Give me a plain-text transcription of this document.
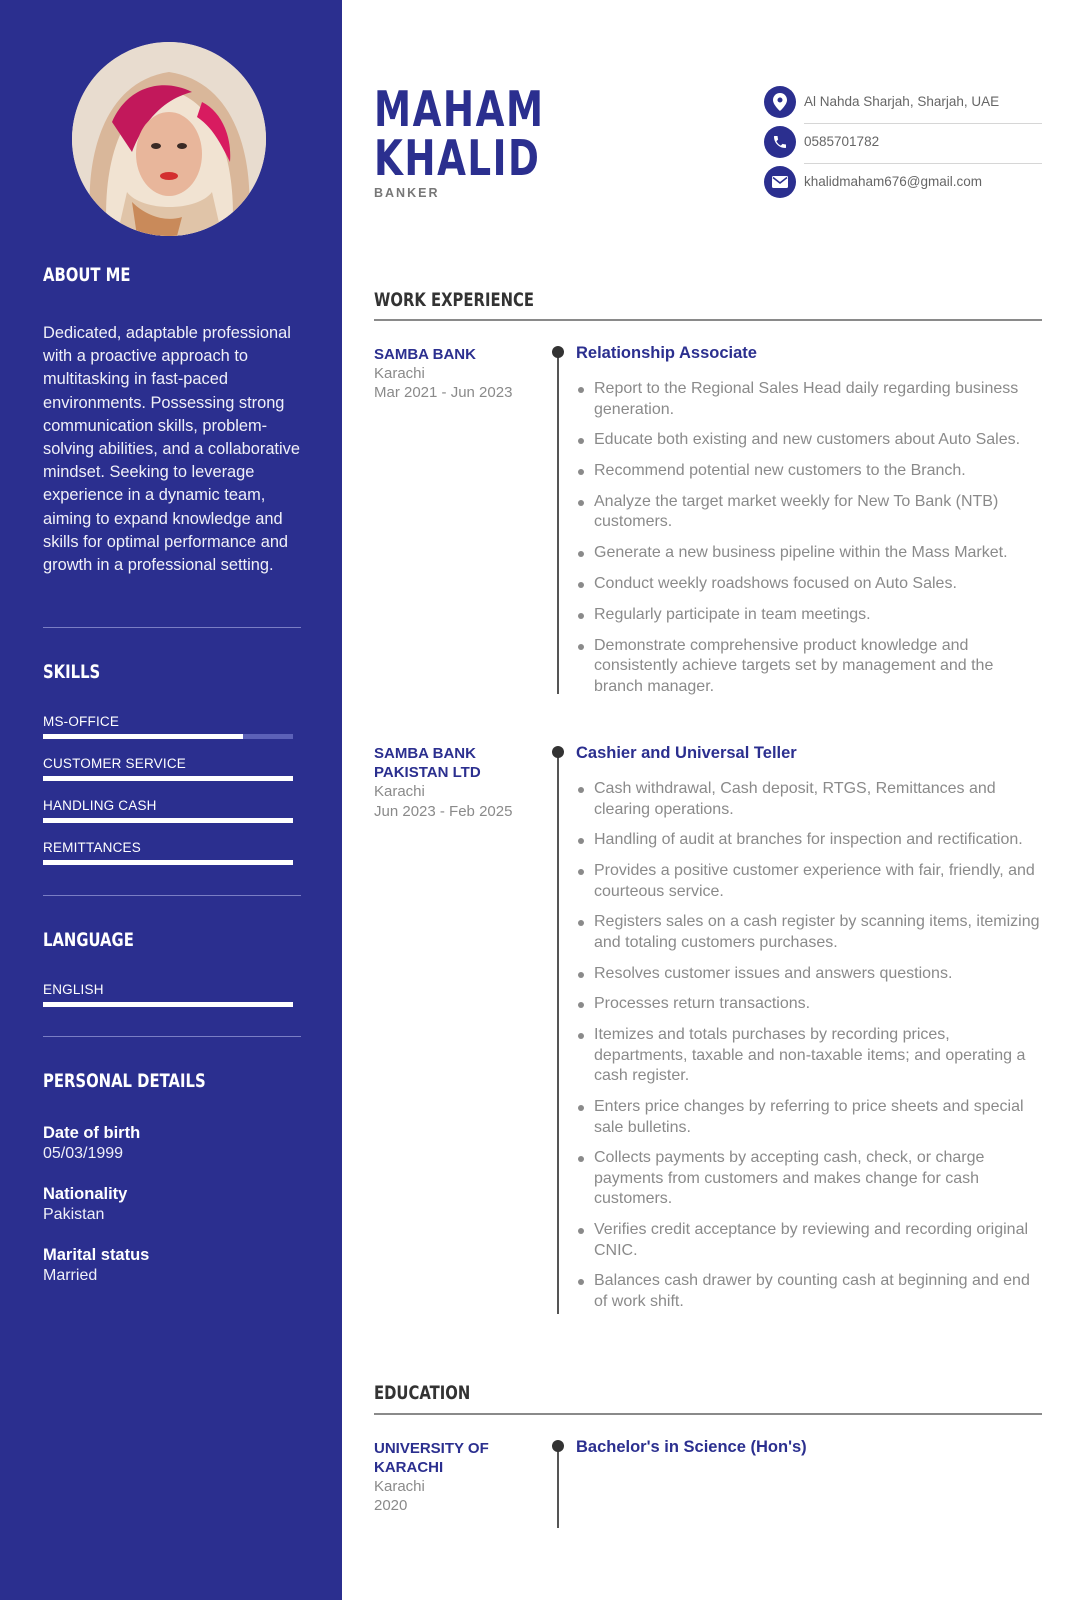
ABOUT ME
Dedicated, adaptable professional with a proactive approach to multitasking in fast-paced environments. Possessing strong communication skills, problem-solving abilities, and a collaborative mindset. Seeking to leverage experience in a dynamic team, aiming to expand knowledge and skills for optimal performance and growth in a professional setting.
SKILLS
MS-OFFICE
CUSTOMER SERVICE
HANDLING CASH
REMITTANCES
LANGUAGE
ENGLISH
PERSONAL DETAILS
Date of birth
05/03/1999
Nationality
Pakistan
Marital status
Married
MAHAM
KHALID
BANKER
Al Nahda Sharjah, Sharjah, UAE
0585701782
khalidmaham676@gmail.com
WORK EXPERIENCE
SAMBA BANK
Karachi
Mar 2021 - Jun 2023
Relationship Associate
Report to the Regional Sales Head daily regarding business generation.
Educate both existing and new customers about Auto Sales.
Recommend potential new customers to the Branch.
Analyze the target market weekly for New To Bank (NTB) customers.
Generate a new business pipeline within the Mass Market.
Conduct weekly roadshows focused on Auto Sales.
Regularly participate in team meetings.
Demonstrate comprehensive product knowledge and consistently achieve targets set by management and the branch manager.
SAMBA BANK PAKISTAN LTD
Karachi
Jun 2023 - Feb 2025
Cashier and Universal Teller
Cash withdrawal, Cash deposit, RTGS, Remittances and clearing operations.
Handling of audit at branches for inspection and rectification.
Provides a positive customer experience with fair, friendly, and courteous service.
Registers sales on a cash register by scanning items, itemizing and totaling customers purchases.
Resolves customer issues and answers questions.
Processes return transactions.
Itemizes and totals purchases by recording prices, departments, taxable and non-taxable items; and operating a cash register.
Enters price changes by referring to price sheets and special sale bulletins.
Collects payments by accepting cash, check, or charge payments from customers and makes change for cash customers.
Verifies credit acceptance by reviewing and recording original CNIC.
Balances cash drawer by counting cash at beginning and end of work shift.
EDUCATION
UNIVERSITY OF KARACHI
Karachi
2020
Bachelor's in Science (Hon's)
